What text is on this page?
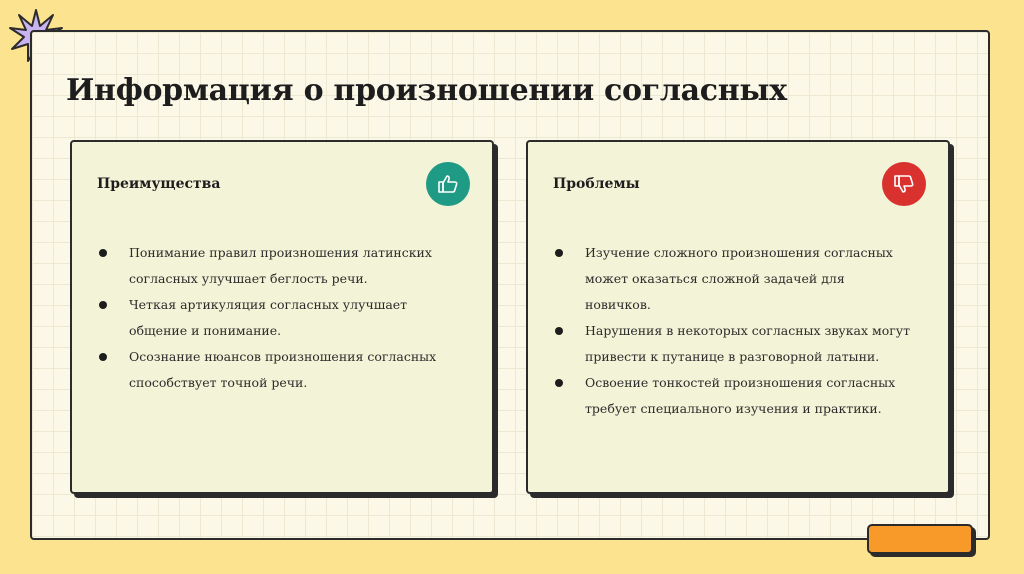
Информация о произношении согласных
Преимущества
Понимание правил произношения латинских согласных улучшает беглость речи.
Четкая артикуляция согласных улучшает общение и понимание.
Осознание нюансов произношения согласных способствует точной речи.
Проблемы
Изучение сложного произношения согласных может оказаться сложной задачей для новичков.
Нарушения в некоторых согласных звуках могут привести к путанице в разговорной латыни.
Освоение тонкостей произношения согласных требует специального изучения и практики.
